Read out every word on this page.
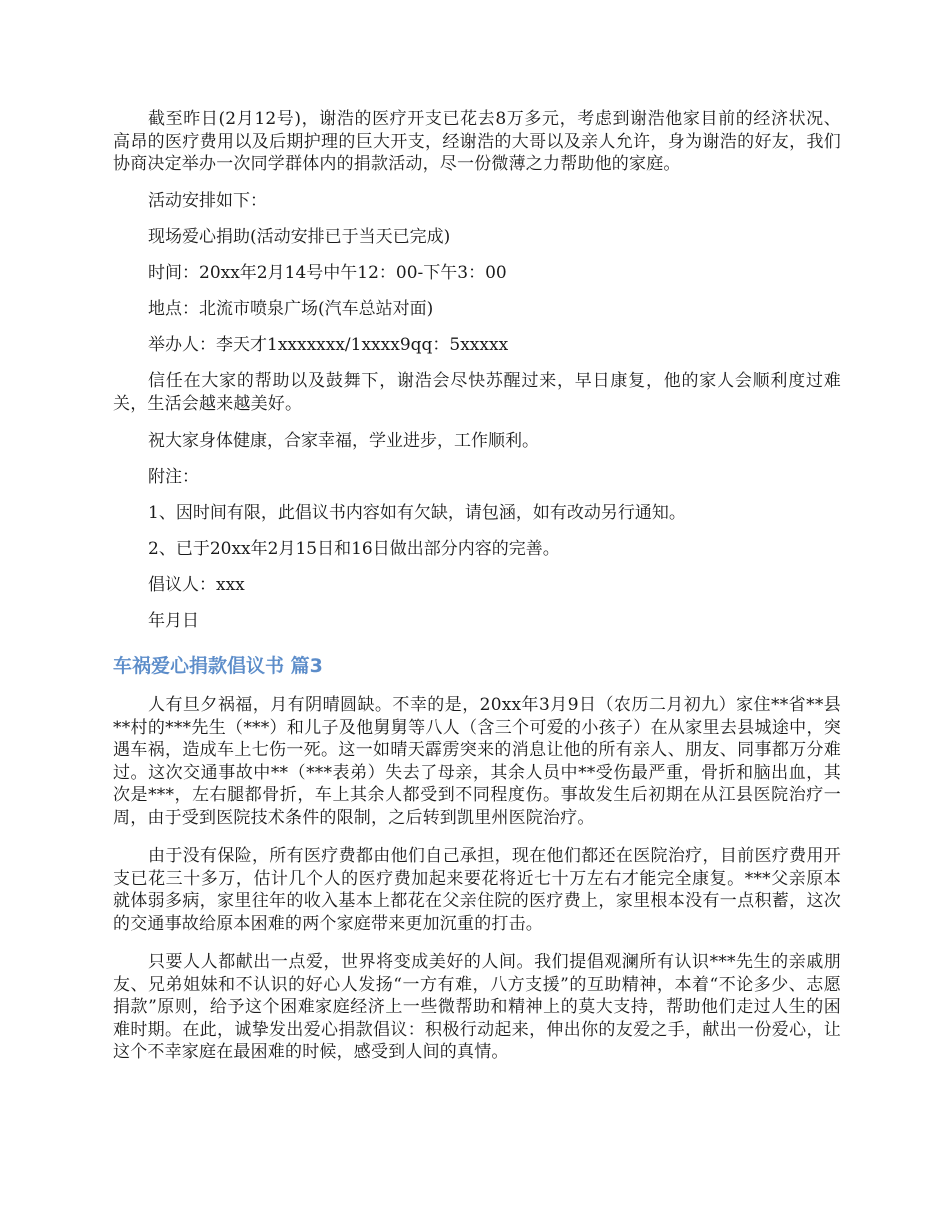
截至昨日(2月12号)，谢浩的医疗开支已花去8万多元，考虑到谢浩他家目前的经济状况、高昂的医疗费用以及后期护理的巨大开支，经谢浩的大哥以及亲人允许，身为谢浩的好友，我们协商决定举办一次同学群体内的捐款活动，尽一份微薄之力帮助他的家庭。

活动安排如下：

现场爱心捐助(活动安排已于当天已完成)

时间：20xx年2月14号中午12：00-下午3：00

地点：北流市喷泉广场(汽车总站对面)

举办人：李天才1xxxxxxx/1xxxx9qq：5xxxxx

信任在大家的帮助以及鼓舞下，谢浩会尽快苏醒过来，早日康复，他的家人会顺利度过难关，生活会越来越美好。

祝大家身体健康，合家幸福，学业进步，工作顺利。

附注：

1、因时间有限，此倡议书内容如有欠缺，请包涵，如有改动另行通知。

2、已于20xx年2月15日和16日做出部分内容的完善。

倡议人：xxx

年月日

车祸爱心捐款倡议书 篇3

人有旦夕祸福，月有阴晴圆缺。不幸的是，20xx年3月9日（农历二月初九）家住**省**县**村的***先生（***）和儿子及他舅舅等八人（含三个可爱的小孩子）在从家里去县城途中，突遇车祸，造成车上七伤一死。这一如晴天霹雳突来的消息让他的所有亲人、朋友、同事都万分难过。这次交通事故中**（***表弟）失去了母亲，其余人员中**受伤最严重，骨折和脑出血，其次是***，左右腿都骨折，车上其余人都受到不同程度伤。事故发生后初期在从江县医院治疗一周，由于受到医院技术条件的限制，之后转到凯里州医院治疗。

由于没有保险，所有医疗费都由他们自己承担，现在他们都还在医院治疗，目前医疗费用开支已花三十多万，估计几个人的医疗费加起来要花将近七十万左右才能完全康复。***父亲原本就体弱多病，家里往年的收入基本上都花在父亲住院的医疗费上，家里根本没有一点积蓄，这次的交通事故给原本困难的两个家庭带来更加沉重的打击。

只要人人都献出一点爱，世界将变成美好的人间。我们提倡观澜所有认识***先生的亲戚朋友、兄弟姐妹和不认识的好心人发扬“一方有难，八方支援”的互助精神，本着“不论多少、志愿捐款”原则，给予这个困难家庭经济上一些微帮助和精神上的莫大支持，帮助他们走过人生的困难时期。在此，诚挚发出爱心捐款倡议：积极行动起来，伸出你的友爱之手，献出一份爱心，让这个不幸家庭在最困难的时候，感受到人间的真情。
